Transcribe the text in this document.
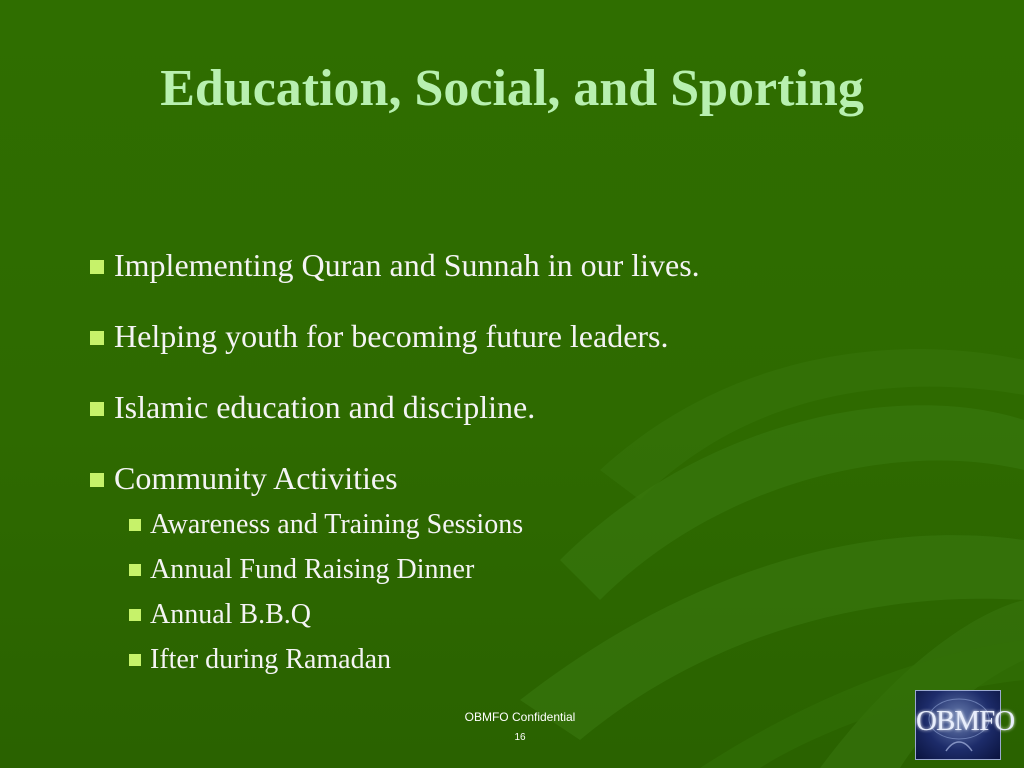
Education, Social, and Sporting
Implementing Quran and Sunnah in our lives.
Helping youth for becoming future leaders.
Islamic education and discipline.
Community Activities
Awareness and Training Sessions
Annual Fund Raising Dinner
Annual B.B.Q
Ifter during Ramadan
OBMFO Confidential
16
OBMFO
